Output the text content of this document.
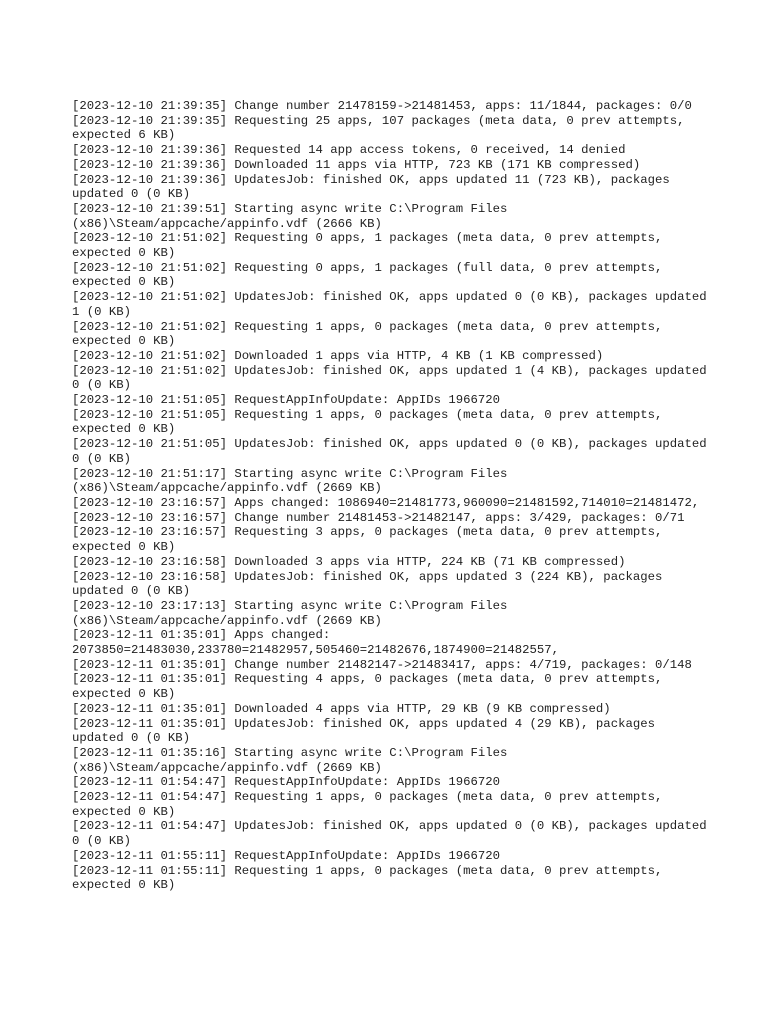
[2023-12-10 21:39:35] Change number 21478159->21481453, apps: 11/1844, packages: 0/0
[2023-12-10 21:39:35] Requesting 25 apps, 107 packages (meta data, 0 prev attempts, expected 6 KB)
[2023-12-10 21:39:36] Requested 14 app access tokens, 0 received, 14 denied
[2023-12-10 21:39:36] Downloaded 11 apps via HTTP, 723 KB (171 KB compressed)
[2023-12-10 21:39:36] UpdatesJob: finished OK, apps updated 11 (723 KB), packages updated 0 (0 KB)
[2023-12-10 21:39:51] Starting async write C:\Program Files (x86)\Steam/appcache/appinfo.vdf (2666 KB)
[2023-12-10 21:51:02] Requesting 0 apps, 1 packages (meta data, 0 prev attempts, expected 0 KB)
[2023-12-10 21:51:02] Requesting 0 apps, 1 packages (full data, 0 prev attempts, expected 0 KB)
[2023-12-10 21:51:02] UpdatesJob: finished OK, apps updated 0 (0 KB), packages updated 1 (0 KB)
[2023-12-10 21:51:02] Requesting 1 apps, 0 packages (meta data, 0 prev attempts, expected 0 KB)
[2023-12-10 21:51:02] Downloaded 1 apps via HTTP, 4 KB (1 KB compressed)
[2023-12-10 21:51:02] UpdatesJob: finished OK, apps updated 1 (4 KB), packages updated 0 (0 KB)
[2023-12-10 21:51:05] RequestAppInfoUpdate: AppIDs 1966720
[2023-12-10 21:51:05] Requesting 1 apps, 0 packages (meta data, 0 prev attempts, expected 0 KB)
[2023-12-10 21:51:05] UpdatesJob: finished OK, apps updated 0 (0 KB), packages updated 0 (0 KB)
[2023-12-10 21:51:17] Starting async write C:\Program Files (x86)\Steam/appcache/appinfo.vdf (2669 KB)
[2023-12-10 23:16:57] Apps changed: 1086940=21481773,960090=21481592,714010=21481472,
[2023-12-10 23:16:57] Change number 21481453->21482147, apps: 3/429, packages: 0/71
[2023-12-10 23:16:57] Requesting 3 apps, 0 packages (meta data, 0 prev attempts, expected 0 KB)
[2023-12-10 23:16:58] Downloaded 3 apps via HTTP, 224 KB (71 KB compressed)
[2023-12-10 23:16:58] UpdatesJob: finished OK, apps updated 3 (224 KB), packages updated 0 (0 KB)
[2023-12-10 23:17:13] Starting async write C:\Program Files (x86)\Steam/appcache/appinfo.vdf (2669 KB)
[2023-12-11 01:35:01] Apps changed: 2073850=21483030,233780=21482957,505460=21482676,1874900=21482557,
[2023-12-11 01:35:01] Change number 21482147->21483417, apps: 4/719, packages: 0/148
[2023-12-11 01:35:01] Requesting 4 apps, 0 packages (meta data, 0 prev attempts, expected 0 KB)
[2023-12-11 01:35:01] Downloaded 4 apps via HTTP, 29 KB (9 KB compressed)
[2023-12-11 01:35:01] UpdatesJob: finished OK, apps updated 4 (29 KB), packages updated 0 (0 KB)
[2023-12-11 01:35:16] Starting async write C:\Program Files (x86)\Steam/appcache/appinfo.vdf (2669 KB)
[2023-12-11 01:54:47] RequestAppInfoUpdate: AppIDs 1966720
[2023-12-11 01:54:47] Requesting 1 apps, 0 packages (meta data, 0 prev attempts, expected 0 KB)
[2023-12-11 01:54:47] UpdatesJob: finished OK, apps updated 0 (0 KB), packages updated 0 (0 KB)
[2023-12-11 01:55:11] RequestAppInfoUpdate: AppIDs 1966720
[2023-12-11 01:55:11] Requesting 1 apps, 0 packages (meta data, 0 prev attempts, expected 0 KB)
